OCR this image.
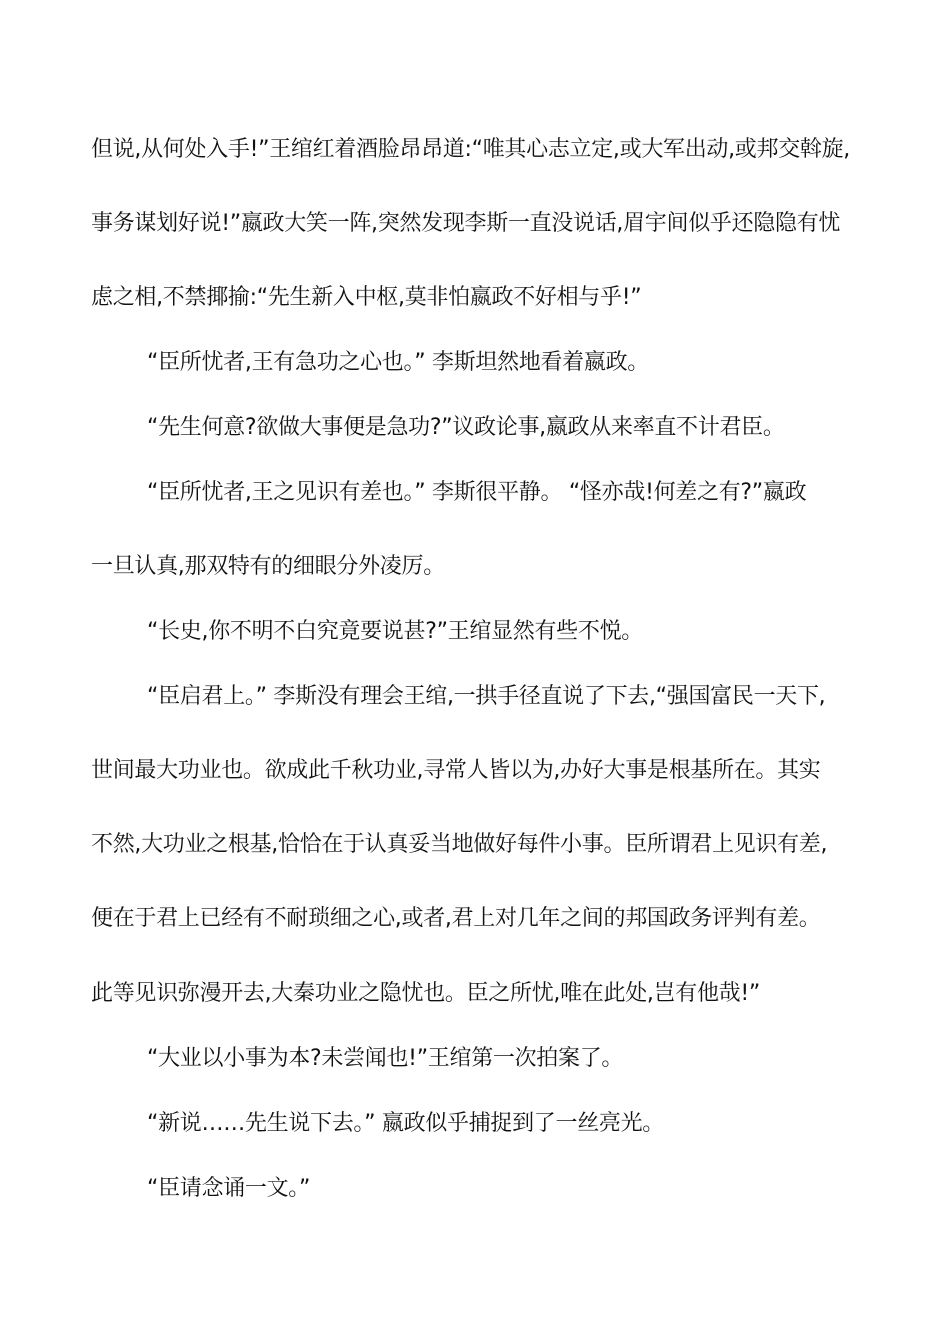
但说,从何处入手!”王绾红着酒脸昂昂道:“唯其心志立定,或大军出动,或邦交斡旋,
事务谋划好说!”嬴政大笑一阵,突然发现李斯一直没说话,眉宇间似乎还隐隐有忧
虑之相,不禁揶揄:“先生新入中枢,莫非怕嬴政不好相与乎!”
“臣所忧者,王有急功之心也。” 李斯坦然地看着嬴政。
“先生何意?欲做大事便是急功?”议政论事,嬴政从来率直不计君臣。
“臣所忧者,王之见识有差也。” 李斯很平静。 “怪亦哉!何差之有?”嬴政
一旦认真,那双特有的细眼分外凌厉。
“长史,你不明不白究竟要说甚?”王绾显然有些不悦。
“臣启君上。” 李斯没有理会王绾,一拱手径直说了下去,“强国富民一天下,
世间最大功业也。欲成此千秋功业,寻常人皆以为,办好大事是根基所在。其实
不然,大功业之根基,恰恰在于认真妥当地做好每件小事。臣所谓君上见识有差,
便在于君上已经有不耐琐细之心,或者,君上对几年之间的邦国政务评判有差。
此等见识弥漫开去,大秦功业之隐忧也。臣之所忧,唯在此处,岂有他哉!”
“大业以小事为本?未尝闻也!”王绾第一次拍案了。
“新说……先生说下去。” 嬴政似乎捕捉到了一丝亮光。
“臣请念诵一文。”
